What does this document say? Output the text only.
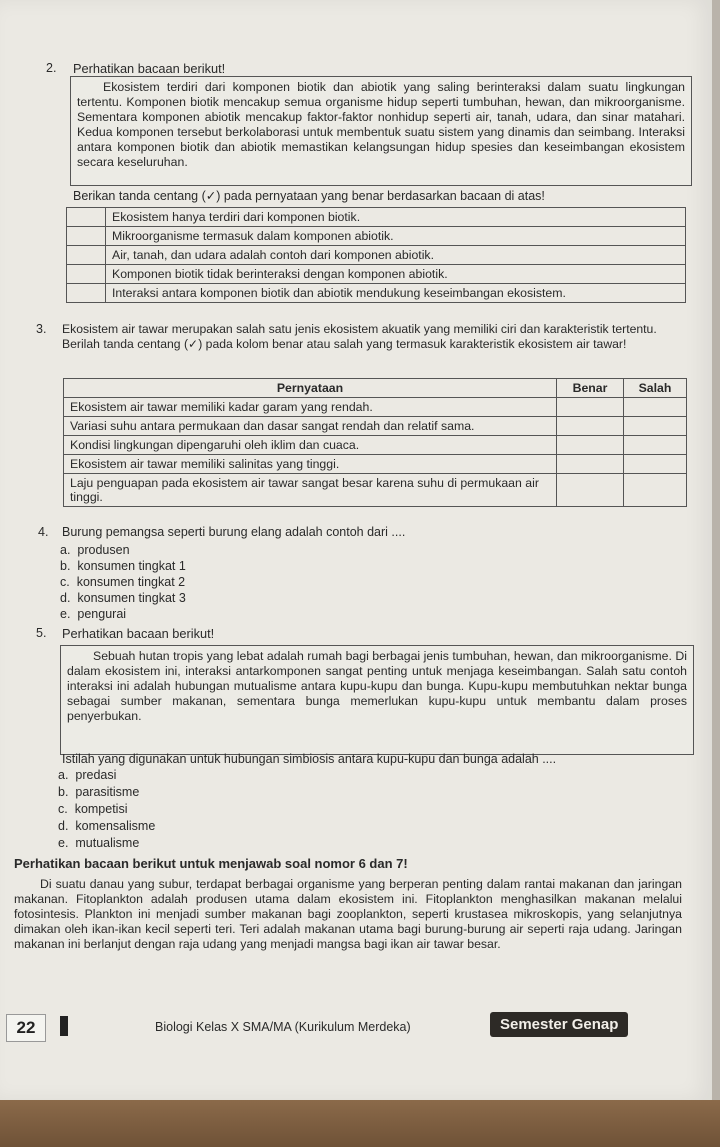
2. Perhatikan bacaan berikut!

Ekosistem terdiri dari komponen biotik dan abiotik yang saling berinteraksi dalam suatu lingkungan tertentu. Komponen biotik mencakup semua organisme hidup seperti tumbuhan, hewan, dan mikroorganisme. Sementara komponen abiotik mencakup faktor-faktor nonhidup seperti air, tanah, udara, dan sinar matahari. Kedua komponen tersebut berkolaborasi untuk membentuk suatu sistem yang dinamis dan seimbang. Interaksi antara komponen biotik dan abiotik memastikan kelangsungan hidup spesies dan keseimbangan ekosistem secara keseluruhan.

Berikan tanda centang (✓) pada pernyataan yang benar berdasarkan bacaan di atas!
	Ekosistem hanya terdiri dari komponen biotik.
	Mikroorganisme termasuk dalam komponen abiotik.
	Air, tanah, dan udara adalah contoh dari komponen abiotik.
	Komponen biotik tidak berinteraksi dengan komponen abiotik.
	Interaksi antara komponen biotik dan abiotik mendukung keseimbangan ekosistem.
3. Ekosistem air tawar merupakan salah satu jenis ekosistem akuatik yang memiliki ciri dan karakteristik tertentu. Berilah tanda centang (✓) pada kolom benar atau salah yang termasuk karakteristik ekosistem air tawar!
Pernyataan	Benar	Salah
Ekosistem air tawar memiliki kadar garam yang rendah.		
Variasi suhu antara permukaan dan dasar sangat rendah dan relatif sama.		
Kondisi lingkungan dipengaruhi oleh iklim dan cuaca.		
Ekosistem air tawar memiliki salinitas yang tinggi.		
Laju penguapan pada ekosistem air tawar sangat besar karena suhu di permukaan air tinggi.		
4. Burung pemangsa seperti burung elang adalah contoh dari ....
a. produsen
b. konsumen tingkat 1
c. konsumen tingkat 2
d. konsumen tingkat 3
e. pengurai
5. Perhatikan bacaan berikut!

Sebuah hutan tropis yang lebat adalah rumah bagi berbagai jenis tumbuhan, hewan, dan mikroorganisme. Di dalam ekosistem ini, interaksi antarkomponen sangat penting untuk menjaga keseimbangan. Salah satu contoh interaksi ini adalah hubungan mutualisme antara kupu-kupu dan bunga. Kupu-kupu membutuhkan nektar bunga sebagai sumber makanan, sementara bunga memerlukan kupu-kupu untuk membantu dalam proses penyerbukan.

Istilah yang digunakan untuk hubungan simbiosis antara kupu-kupu dan bunga adalah ....
a. predasi
b. parasitisme
c. kompetisi
d. komensalisme
e. mutualisme
Perhatikan bacaan berikut untuk menjawab soal nomor 6 dan 7!

Di suatu danau yang subur, terdapat berbagai organisme yang berperan penting dalam rantai makanan dan jaringan makanan. Fitoplankton adalah produsen utama dalam ekosistem ini. Fitoplankton menghasilkan makanan melalui fotosintesis. Plankton ini menjadi sumber makanan bagi zooplankton, seperti krustasea mikroskopis, yang selanjutnya dimakan oleh ikan-ikan kecil seperti teri. Teri adalah makanan utama bagi burung-burung air seperti raja udang. Jaringan makanan ini berlanjut dengan raja udang yang menjadi mangsa bagi ikan air tawar besar.

22	Biologi Kelas X SMA/MA (Kurikulum Merdeka)	Semester Genap
